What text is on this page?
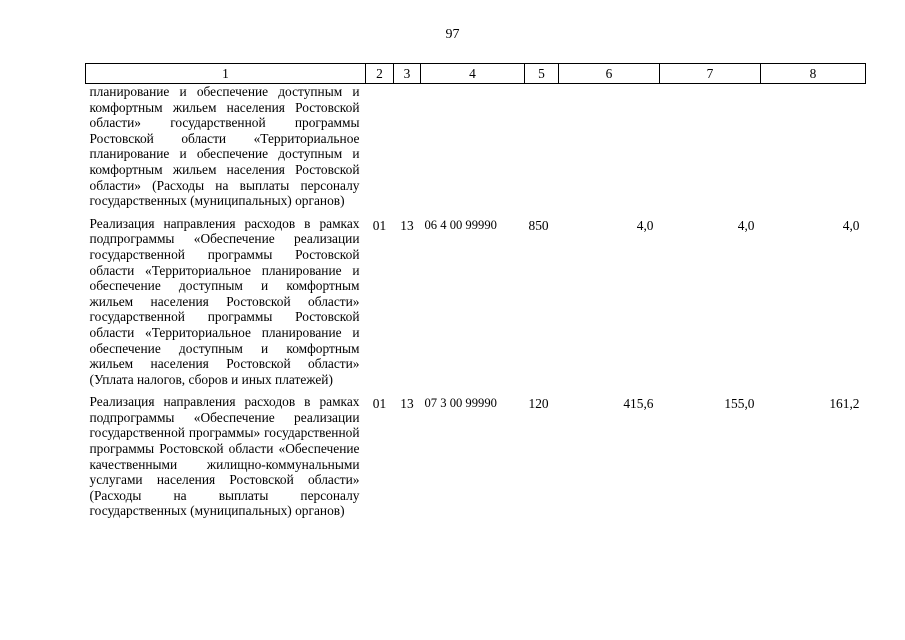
97
1	2	3	4	5	6	7	8
планирование и обеспечение доступным и комфортным жильем населения Ростовской области» государственной программы Ростовской области «Территориальное планирование и обеспечение доступным и комфортным жильем населения Ростовской области» (Расходы на выплаты персоналу государственных (муниципальных) органов)							
Реализация направления расходов в рамках подпрограммы «Обеспечение реализации государственной программы Ростовской области «Территориальное планирование и обеспечение доступным и комфортным жильем населения Ростовской области» государственной программы Ростовской области «Территориальное планирование и обеспечение доступным и комфортным жильем населения Ростовской области» (Уплата налогов, сборов и иных платежей)	01	13	06 4 00 99990	850	4,0	4,0	4,0
Реализация направления расходов в рамках подпрограммы «Обеспечение реализации государственной программы» государственной программы Ростовской области «Обеспечение качественными жилищно-коммунальными услугами населения Ростовской области» (Расходы на выплаты персоналу государственных (муниципальных) органов)	01	13	07 3 00 99990	120	415,6	155,0	161,2
